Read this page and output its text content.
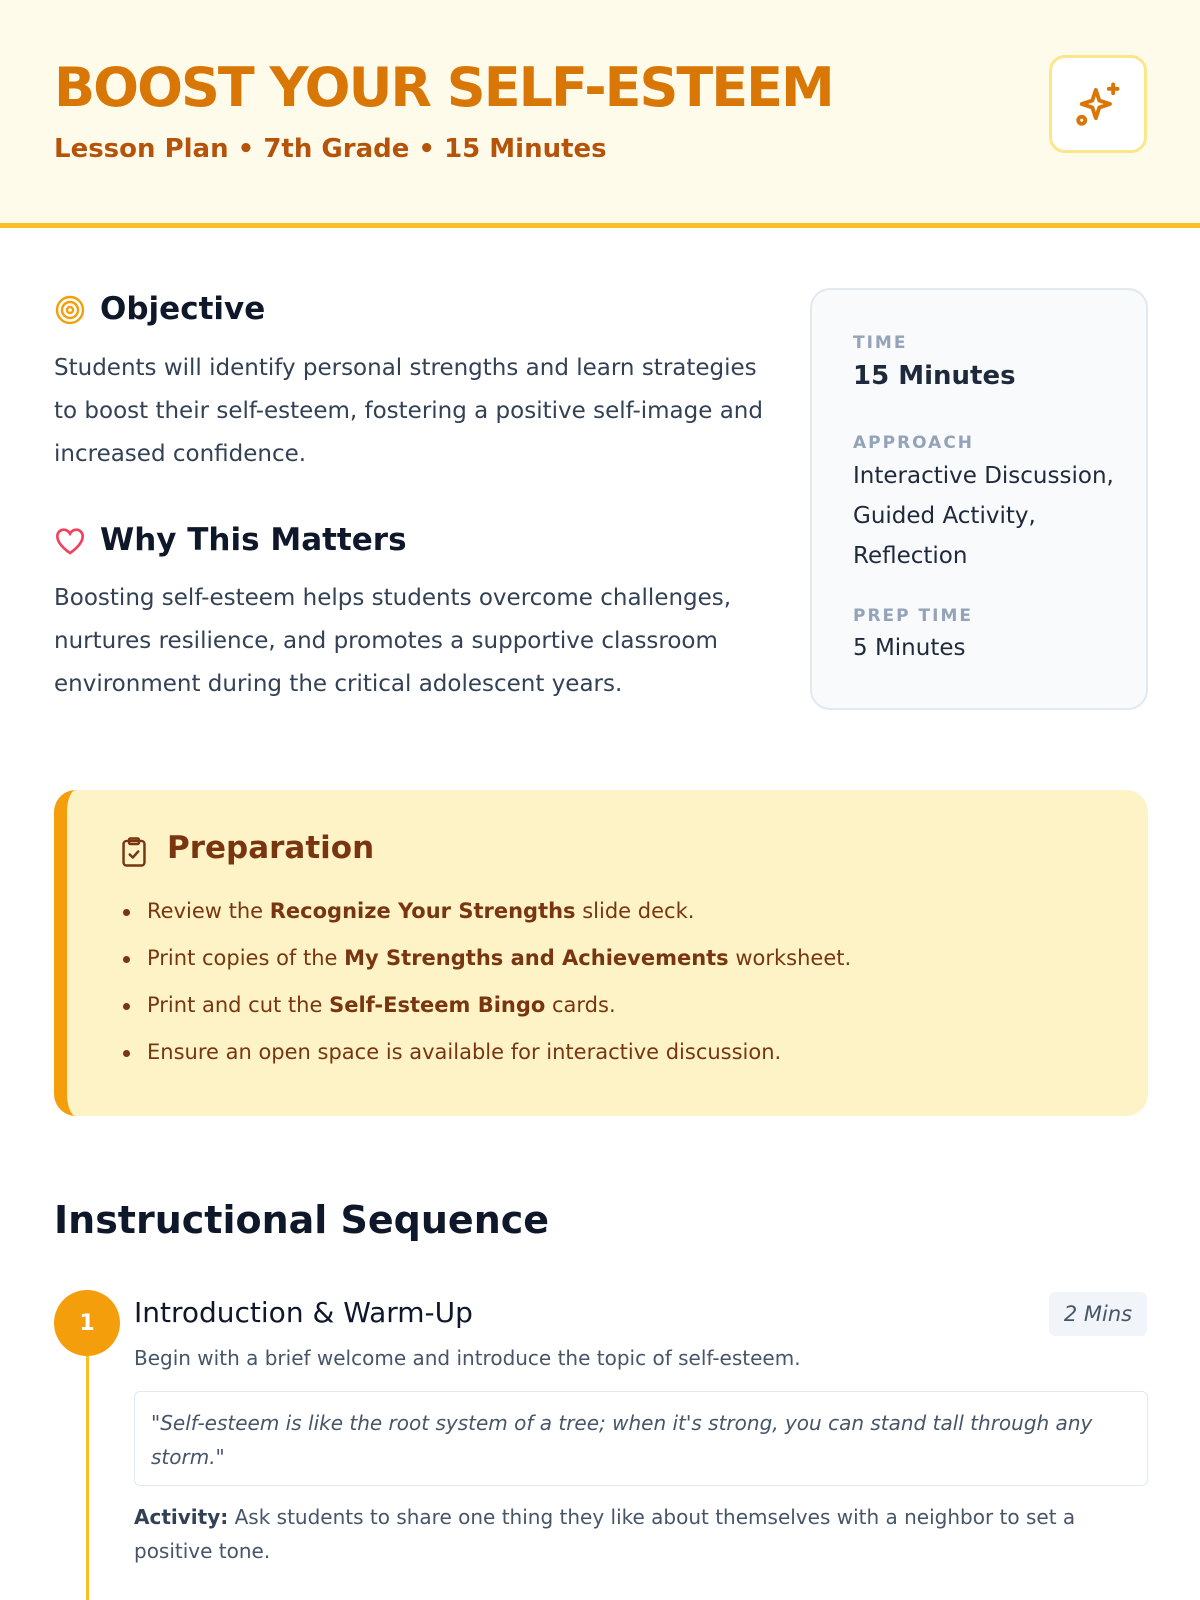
BOOST YOUR SELF-ESTEEM
Lesson Plan • 7th Grade • 15 Minutes
Objective
Students will identify personal strengths and learn strategies to boost their self-esteem, fostering a positive self-image and increased confidence.
Why This Matters
Boosting self-esteem helps students overcome challenges, nurtures resilience, and promotes a supportive classroom environment during the critical adolescent years.
TIME
15 Minutes
APPROACH
Interactive Discussion, Guided Activity, Reflection
PREP TIME
5 Minutes
Preparation
Review the Recognize Your Strengths slide deck.
Print copies of the My Strengths and Achievements worksheet.
Print and cut the Self-Esteem Bingo cards.
Ensure an open space is available for interactive discussion.
Instructional Sequence
1	Introduction & Warm-Up	2 Mins
Begin with a brief welcome and introduce the topic of self-esteem.
"Self-esteem is like the root system of a tree; when it's strong, you can stand tall through any storm."
Activity: Ask students to share one thing they like about themselves with a neighbor to set a positive tone.
